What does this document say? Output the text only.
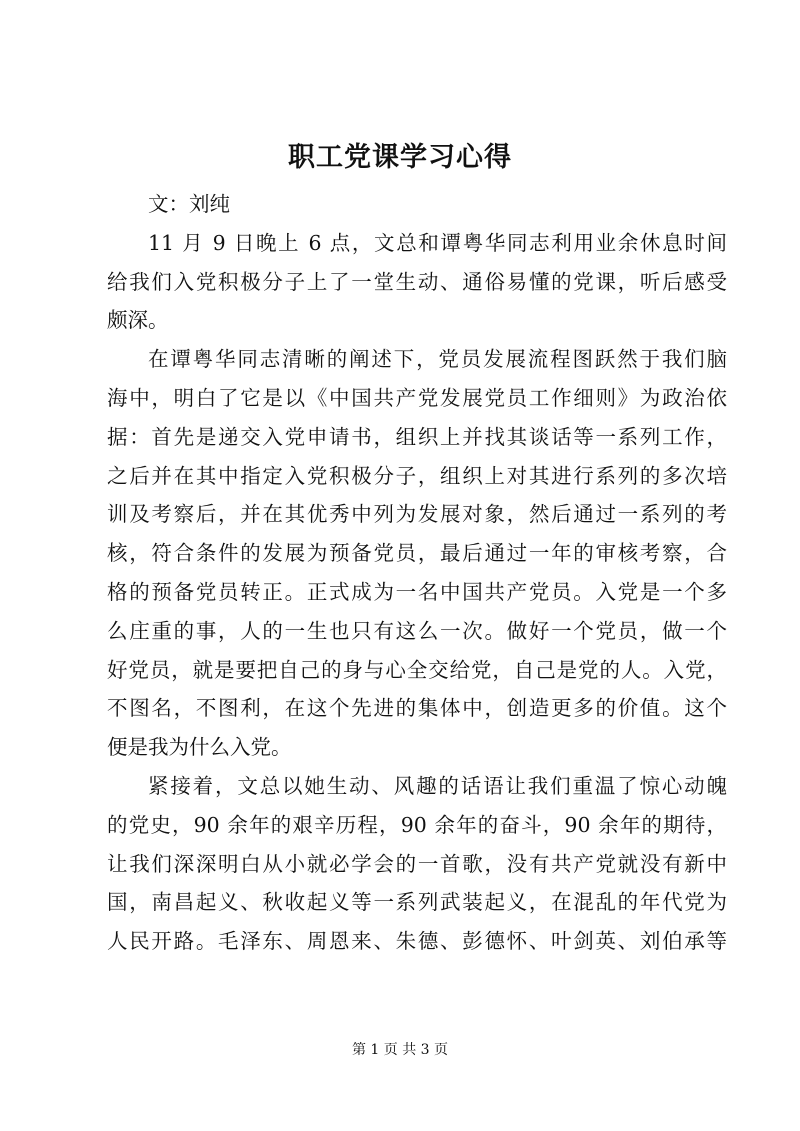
职工党课学习心得
文：刘纯
11 月 9 日晚上 6 点，文总和谭粤华同志利用业余休息时间
给我们入党积极分子上了一堂生动、通俗易懂的党课，听后感受
颇深。
在谭粤华同志清晰的阐述下，党员发展流程图跃然于我们脑
海中，明白了它是以《中国共产党发展党员工作细则》为政治依
据：首先是递交入党申请书，组织上并找其谈话等一系列工作，
之后并在其中指定入党积极分子，组织上对其进行系列的多次培
训及考察后，并在其优秀中列为发展对象，然后通过一系列的考
核，符合条件的发展为预备党员，最后通过一年的审核考察，合
格的预备党员转正。正式成为一名中国共产党员。入党是一个多
么庄重的事，人的一生也只有这么一次。做好一个党员，做一个
好党员，就是要把自己的身与心全交给党，自己是党的人。入党，
不图名，不图利，在这个先进的集体中，创造更多的价值。这个
便是我为什么入党。
紧接着，文总以她生动、风趣的话语让我们重温了惊心动魄
的党史，90 余年的艰辛历程，90 余年的奋斗，90 余年的期待，
让我们深深明白从小就必学会的一首歌，没有共产党就没有新中
国，南昌起义、秋收起义等一系列武装起义，在混乱的年代党为
人民开路。毛泽东、周恩来、朱德、彭德怀、叶剑英、刘伯承等
第 1 页 共 3 页
